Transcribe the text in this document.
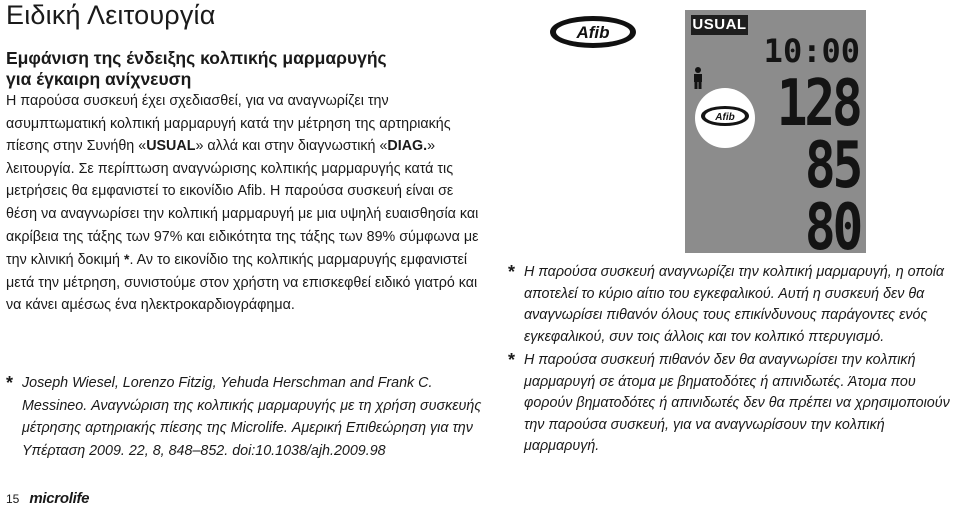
Ειδική Λειτουργία

Εμφάνιση της ένδειξης κολπικής μαρμαρυγής
για έγκαιρη ανίχνευση

Η παρούσα συσκευή έχει σχεδιασθεί, για να αναγνωρίζει την ασυμπτωματική κολπική μαρμαρυγή κατά την μέτρηση της αρτηριακής πίεσης στην Συνήθη «USUAL» αλλά και στην διαγνωστική «DIAG.» λειτουργία. Σε περίπτωση αναγνώρισης κολπικής μαρμαρυγής κατά τις μετρήσεις θα εμφανιστεί το εικονίδιο Afib. Η παρούσα συσκευή είναι σε θέση να αναγνωρίσει την κολπική μαρμαρυγή με μια υψηλή ευαισθησία και ακρίβεια της τάξης των 97% και ειδικότητα της τάξης των 89% σύμφωνα με την κλινική δοκιμή *. Αν το εικονίδιο της κολπικής μαρμαρυγής εμφανιστεί μετά την μέτρηση, συνιστούμε στον χρήστη να επισκεφθεί ειδικό γιατρό και να κάνει αμέσως ένα ηλεκτροκαρδιογράφημα.

* Joseph Wiesel, Lorenzo Fitzig, Yehuda Herschman and Frank C. Messineo. Αναγνώριση της κολπικής μαρμαρυγής με τη χρήση συσκευής μέτρησης αρτηριακής πίεσης της Microlife. Αμερική Επιθεώρηση για την Υπέρταση 2009. 22, 8, 848–852. doi:10.1038/ajh.2009.98
15 microlife
Afib	USUAL
10:00
Afib 128
85
80
* Η παρούσα συσκευή αναγνωρίζει την κολπική μαρμαρυγή, η οποία αποτελεί το κύριο αίτιο του εγκεφαλικού. Αυτή η συσκευή δεν θα αναγνωρίσει πιθανόν όλους τους επικίνδυνους παράγοντες ενός εγκεφαλικού, συν τοις άλλοις και τον κολπικό πτερυγισμό.
* Η παρούσα συσκευή πιθανόν δεν θα αναγνωρίσει την κολπική μαρμαρυγή σε άτομα με βηματοδότες ή απινιδωτές. Άτομα που φορούν βηματοδότες ή απινιδωτές δεν θα πρέπει να χρησιμοποιούν την παρούσα συσκευή, για να αναγνωρίσουν την κολπική μαρμαρυγή.
